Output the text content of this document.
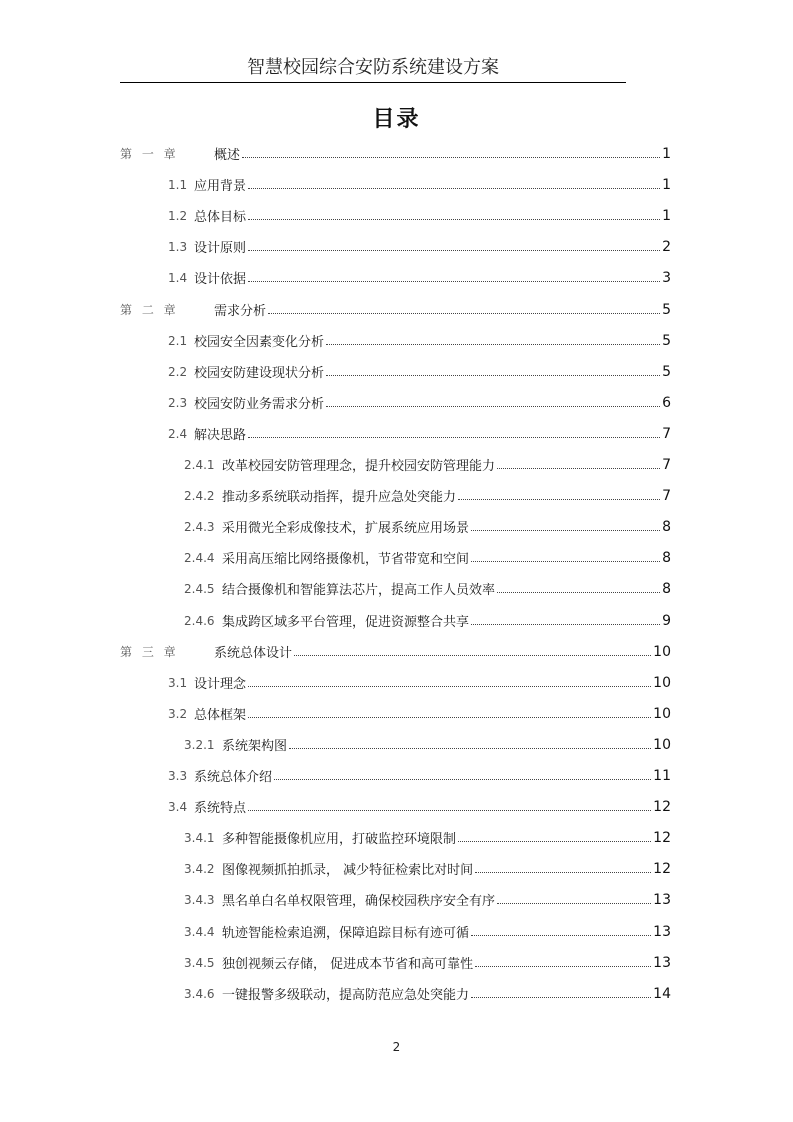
智慧校园综合安防系统建设方案
目录
第 一 章	概述	1
1.1 应用背景	1
1.2 总体目标	1
1.3 设计原则	2
1.4 设计依据	3
第 二 章	需求分析	5
2.1 校园安全因素变化分析	5
2.2 校园安防建设现状分析	5
2.3 校园安防业务需求分析	6
2.4 解决思路	7
2.4.1 改革校园安防管理理念，提升校园安防管理能力	7
2.4.2 推动多系统联动指挥，提升应急处突能力	7
2.4.3 采用微光全彩成像技术，扩展系统应用场景	8
2.4.4 采用高压缩比网络摄像机，节省带宽和空间	8
2.4.5 结合摄像机和智能算法芯片，提高工作人员效率	8
2.4.6 集成跨区域多平台管理，促进资源整合共享	9
第 三 章	系统总体设计	10
3.1 设计理念	10
3.2 总体框架	10
3.2.1 系统架构图	10
3.3 系统总体介绍	11
3.4 系统特点	12
3.4.1 多种智能摄像机应用，打破监控环境限制	12
3.4.2 图像视频抓拍抓录， 减少特征检索比对时间	12
3.4.3 黑名单白名单权限管理，确保校园秩序安全有序	13
3.4.4 轨迹智能检索追溯，保障追踪目标有迹可循	13
3.4.5 独创视频云存储， 促进成本节省和高可靠性	13
3.4.6 一键报警多级联动，提高防范应急处突能力	14
2
